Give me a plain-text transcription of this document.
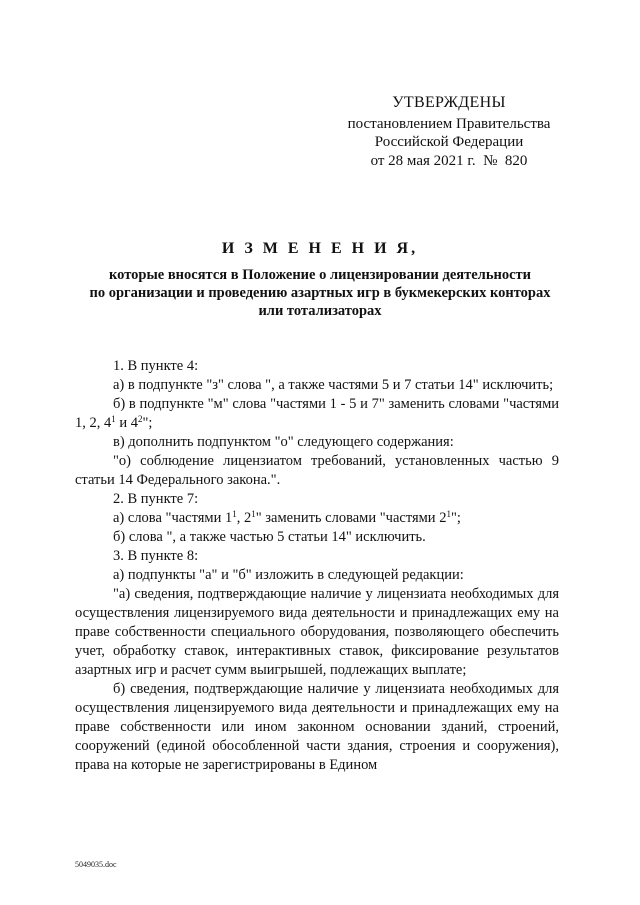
УТВЕРЖДЕНЫ
постановлением Правительства
Российской Федерации
от 28 мая 2021 г.  №  820
И З М Е Н Е Н И Я,
которые вносятся в Положение о лицензировании деятельности
по организации и проведению азартных игр в букмекерских конторах
или тотализаторах

1. В пункте 4:

а) в подпункте "з" слова ", а также частями 5 и 7 статьи 14" исключить;

б) в подпункте "м" слова "частями 1 - 5 и 7" заменить словами "частями 1, 2, $4^1$ и $4^2$";

в) дополнить подпунктом "о" следующего содержания:

"о) соблюдение лицензиатом требований, установленных частью 9 статьи 14 Федерального закона.".

2. В пункте 7:

а) слова "частями $1^1$, $2^1$" заменить словами "частями $2^1$";

б) слова ", а также частью 5 статьи 14" исключить.

3. В пункте 8:

а) подпункты "а" и "б" изложить в следующей редакции:

"а) сведения, подтверждающие наличие у лицензиата необходимых для осуществления лицензируемого вида деятельности и принадлежащих ему на праве собственности специального оборудования, позволяющего обеспечить учет, обработку ставок, интерактивных ставок, фиксирование результатов азартных игр и расчет сумм выигрышей, подлежащих выплате;

б) сведения, подтверждающие наличие у лицензиата необходимых для осуществления лицензируемого вида деятельности и принадлежащих ему на праве собственности или ином законном основании зданий, строений, сооружений (единой обособленной части здания, строения и сооружения), права на которые не зарегистрированы в Едином

5049035.doc
